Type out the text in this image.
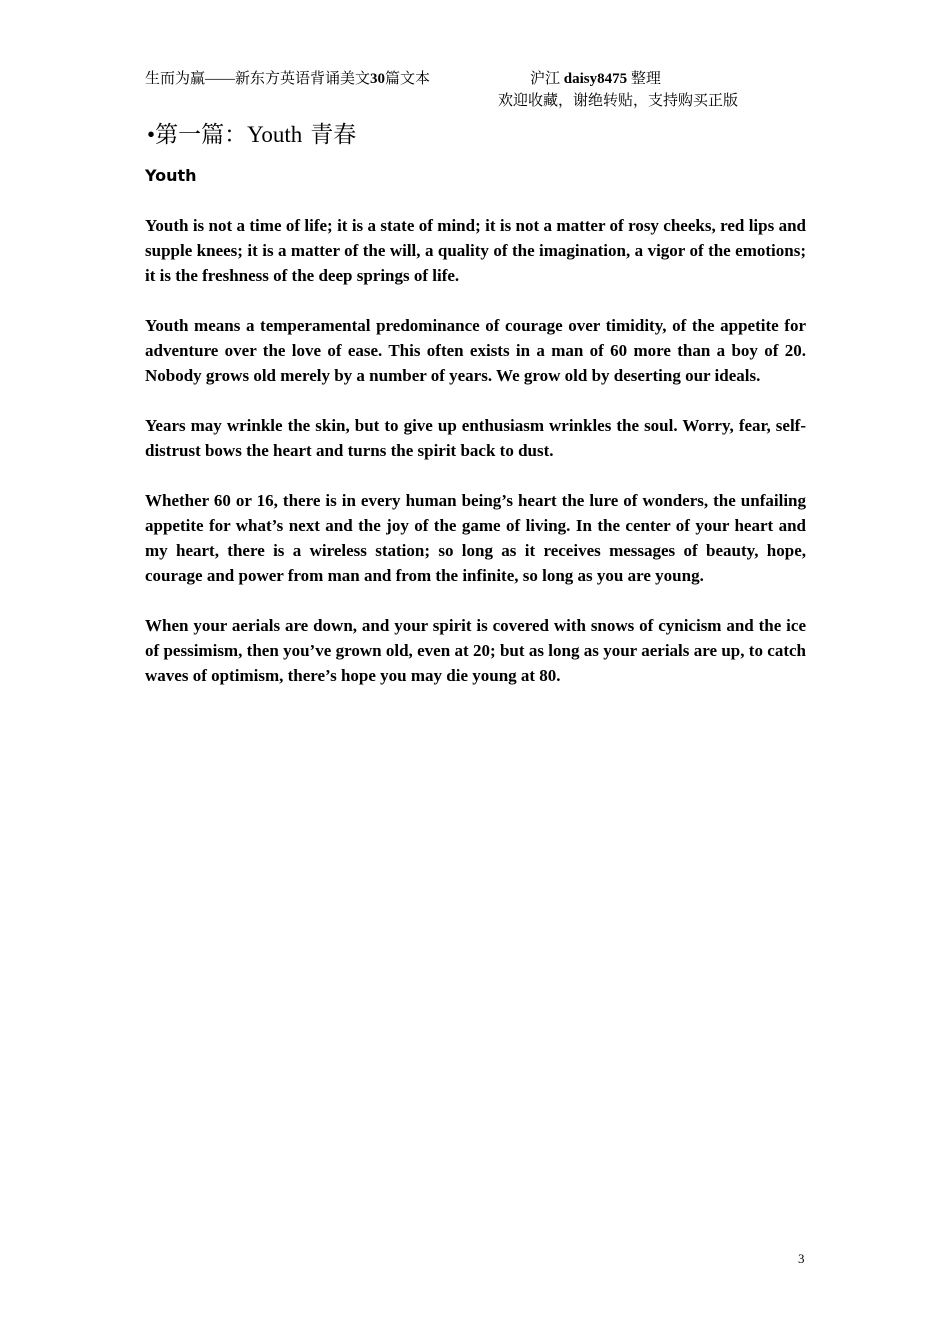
生而为赢——新东方英语背诵美文30篇文本	沪江 daisy8475 整理
欢迎收藏，谢绝转贴，支持购买正版
•第一篇：Youth 青春
Youth

Youth is not a time of life; it is a state of mind; it is not a matter of rosy cheeks, red lips and supple knees; it is a matter of the will, a quality of the imagination, a vigor of the emotions; it is the freshness of the deep springs of life.

Youth means a temperamental predominance of courage over timidity, of the appetite for adventure over the love of ease. This often exists in a man of 60 more than a boy of 20. Nobody grows old merely by a number of years. We grow old by deserting our ideals.

Years may wrinkle the skin, but to give up enthusiasm wrinkles the soul. Worry, fear, self-distrust bows the heart and turns the spirit back to dust.

Whether 60 or 16, there is in every human being’s heart the lure of wonders, the unfailing appetite for what’s next and the joy of the game of living. In the center of your heart and my heart, there is a wireless station; so long as it receives messages of beauty, hope, courage and power from man and from the infinite, so long as you are young.

When your aerials are down, and your spirit is covered with snows of cynicism and the ice of pessimism, then you’ve grown old, even at 20; but as long as your aerials are up, to catch waves of optimism, there’s hope you may die young at 80.

3
